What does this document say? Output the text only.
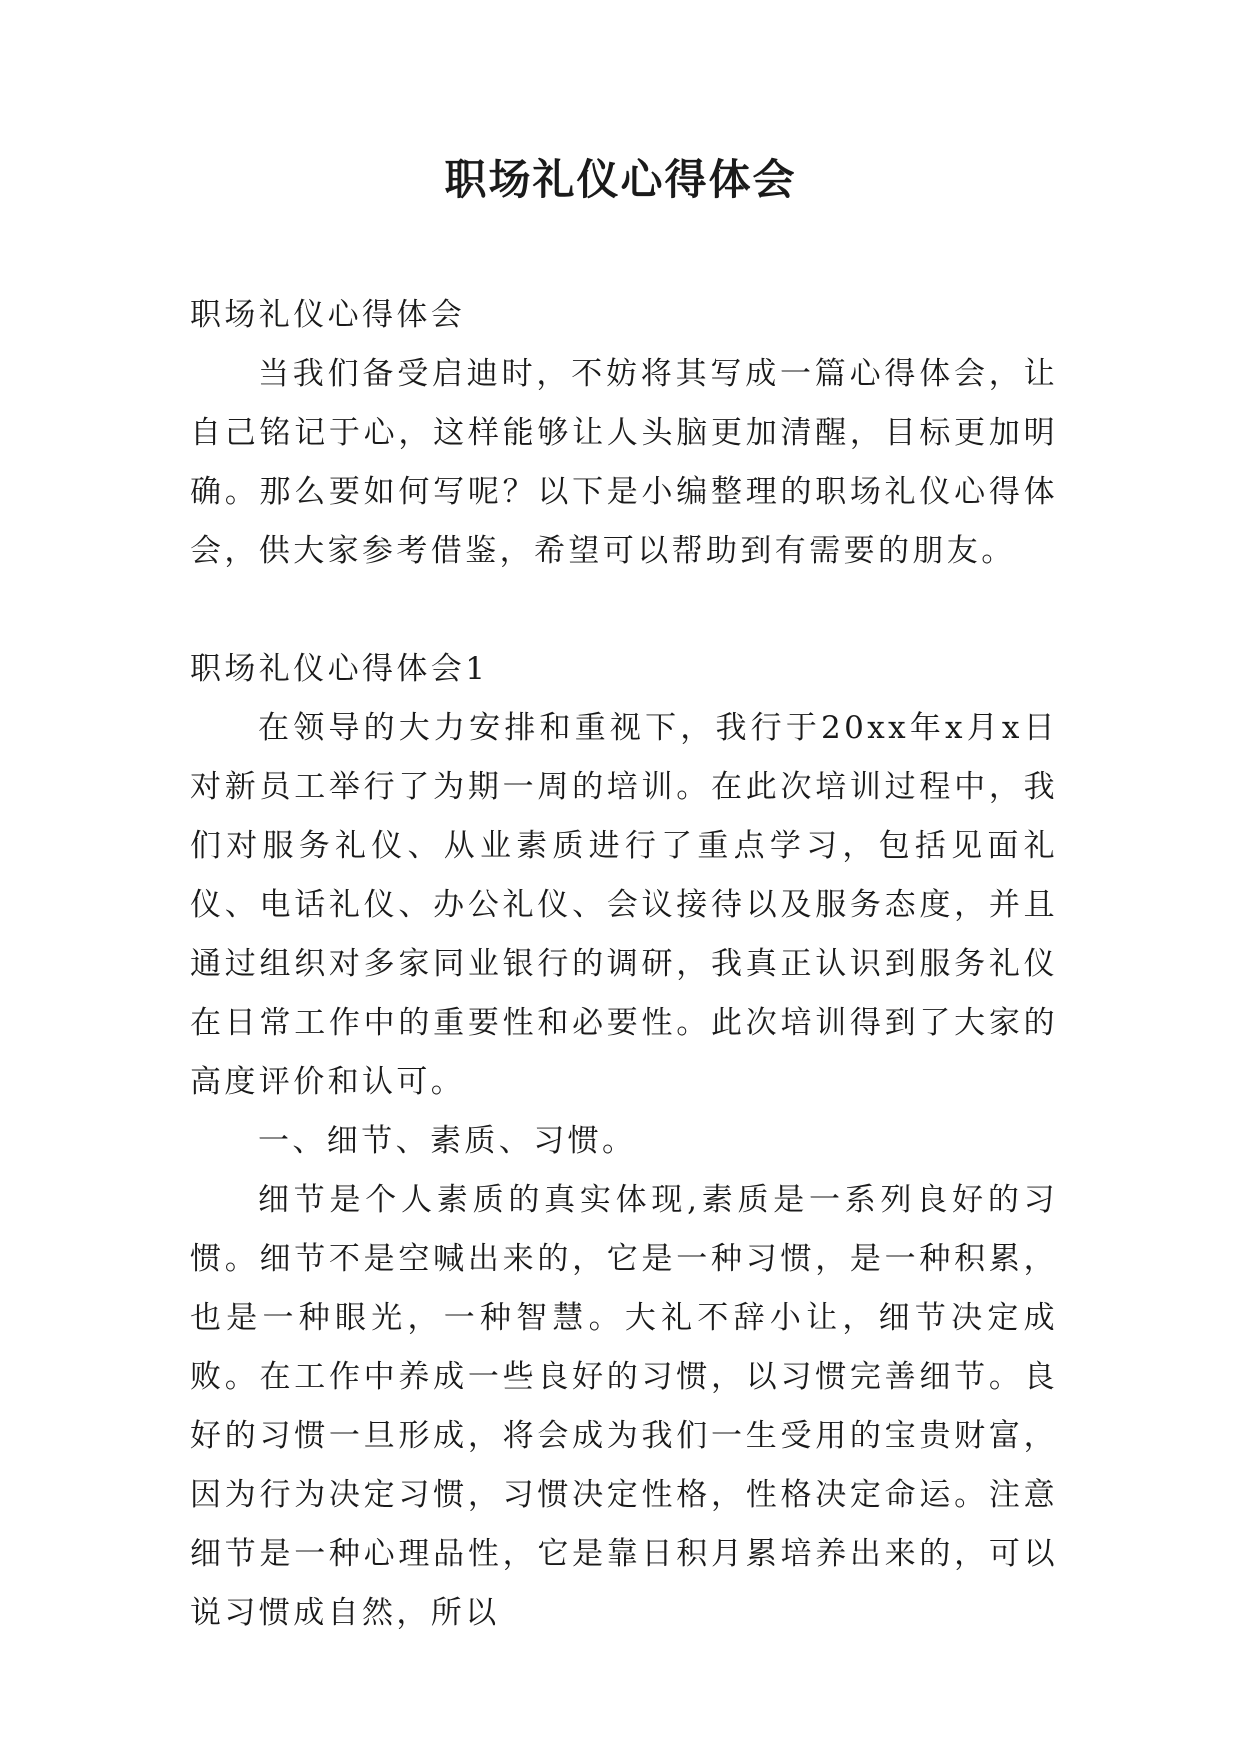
职场礼仪心得体会

职场礼仪心得体会

当我们备受启迪时，不妨将其写成一篇心得体会，让自己铭记于心，这样能够让人头脑更加清醒，目标更加明确。那么要如何写呢？以下是小编整理的职场礼仪心得体会，供大家参考借鉴，希望可以帮助到有需要的朋友。

职场礼仪心得体会1

在领导的大力安排和重视下，我行于20xx年x月x日对新员工举行了为期一周的培训。在此次培训过程中，我们对服务礼仪、从业素质进行了重点学习，包括见面礼仪、电话礼仪、办公礼仪、会议接待以及服务态度，并且通过组织对多家同业银行的调研，我真正认识到服务礼仪在日常工作中的重要性和必要性。此次培训得到了大家的高度评价和认可。

一、细节、素质、习惯。

细节是个人素质的真实体现,素质是一系列良好的习惯。细节不是空喊出来的，它是一种习惯，是一种积累，也是一种眼光，一种智慧。大礼不辞小让，细节决定成败。在工作中养成一些良好的习惯，以习惯完善细节。良好的习惯一旦形成，将会成为我们一生受用的宝贵财富，因为行为决定习惯，习惯决定性格，性格决定命运。注意细节是一种心理品性，它是靠日积月累培养出来的，可以说习惯成自然，所以
